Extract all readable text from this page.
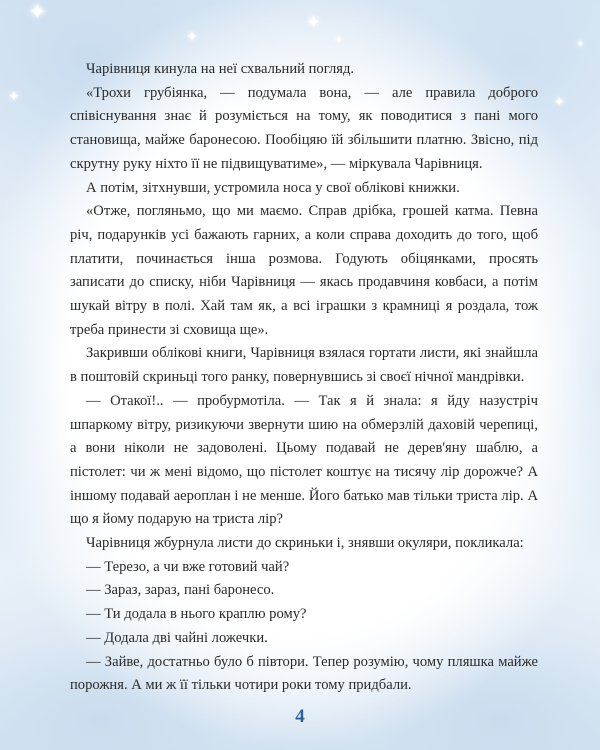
✦	✦
✦	✦
✦	✦
✦

Чарівниця кинула на неї схвальний погляд.

«Трохи грубіянка, — подумала вона, — але правила доброго співіснування знає й розуміється на тому, як поводитися з пані мого становища, майже баронесою. Пообіцяю їй збільшити платню. Звісно, під скрутну руку ніхто її не підвищуватиме», — міркувала Чарівниця.

А потім, зітхнувши, устромила носа у свої облікові книжки.

«Отже, погляньмо, що ми маємо. Справ дрібка, грошей катма. Певна річ, подарунків усі бажають гарних, а коли справа доходить до того, щоб платити, починається інша розмова. Годують обіцянками, просять записати до списку, ніби Чарівниця — якась продавчиня ковбаси, а потім шукай вітру в полі. Хай там як, а всі іграшки з крамниці я роздала, тож треба принести зі сховища ще».

Закривши облікові книги, Чарівниця взялася гортати листи, які знайшла в поштовій скриньці того ранку, повернувшись зі своєї нічної мандрівки.

— Отакої!.. — пробурмотіла. — Так я й знала: я йду назустріч шпаркому вітру, ризикуючи звернути шию на обмерзлій даховій черепиці, а вони ніколи не задоволені. Цьому подавай не дерев'яну шаблю, а пістолет: чи ж мені відомо, що пістолет коштує на тисячу лір дорожче? А іншому подавай аероплан і не менше. Його батько мав тільки триста лір. А що я йому подарую на триста лір?

Чарівниця жбурнула листи до скриньки і, знявши окуляри, покликала:

— Терезо, а чи вже готовий чай?

— Зараз, зараз, пані баронесо.

— Ти додала в нього краплю рому?

— Додала дві чайні ложечки.

— Зайве, достатньо було б півтори. Тепер розумію, чому пляшка майже порожня. А ми ж її тільки чотири роки тому придбали.

4
